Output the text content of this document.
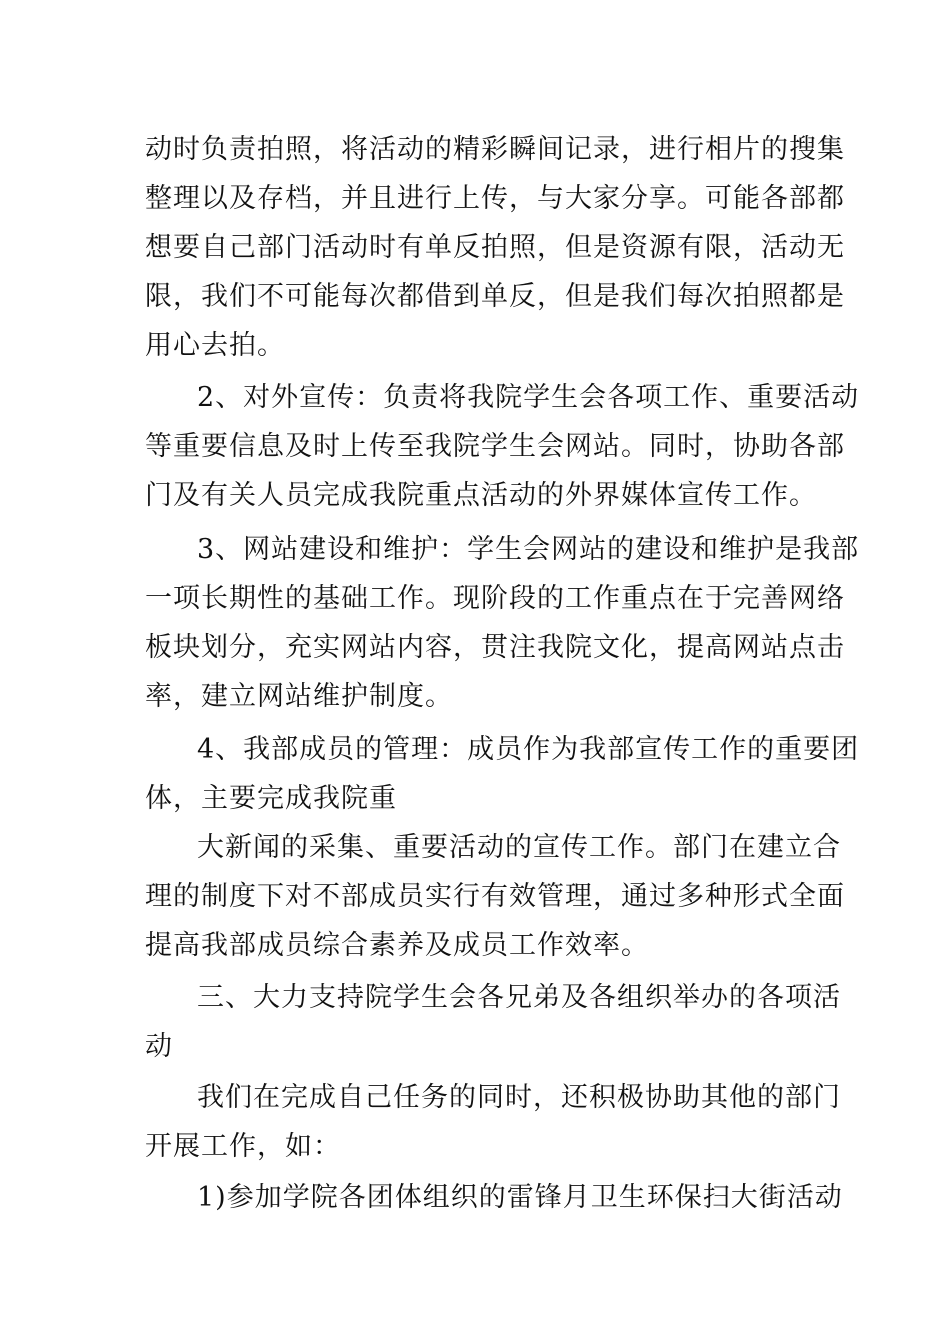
动时负责拍照，将活动的精彩瞬间记录，进行相片的搜集
整理以及存档，并且进行上传，与大家分享。可能各部都
想要自己部门活动时有单反拍照，但是资源有限，活动无
限，我们不可能每次都借到单反，但是我们每次拍照都是
用心去拍。
2、对外宣传：负责将我院学生会各项工作、重要活动
等重要信息及时上传至我院学生会网站。同时，协助各部
门及有关人员完成我院重点活动的外界媒体宣传工作。
3、网站建设和维护：学生会网站的建设和维护是我部
一项长期性的基础工作。现阶段的工作重点在于完善网络
板块划分，充实网站内容，贯注我院文化，提高网站点击
率，建立网站维护制度。
4、我部成员的管理：成员作为我部宣传工作的重要团
体，主要完成我院重
大新闻的采集、重要活动的宣传工作。部门在建立合
理的制度下对不部成员实行有效管理，通过多种形式全面
提高我部成员综合素养及成员工作效率。
三、大力支持院学生会各兄弟及各组织举办的各项活
动
我们在完成自己任务的同时，还积极协助其他的部门
开展工作，如：
1)参加学院各团体组织的雷锋月卫生环保扫大街活动
